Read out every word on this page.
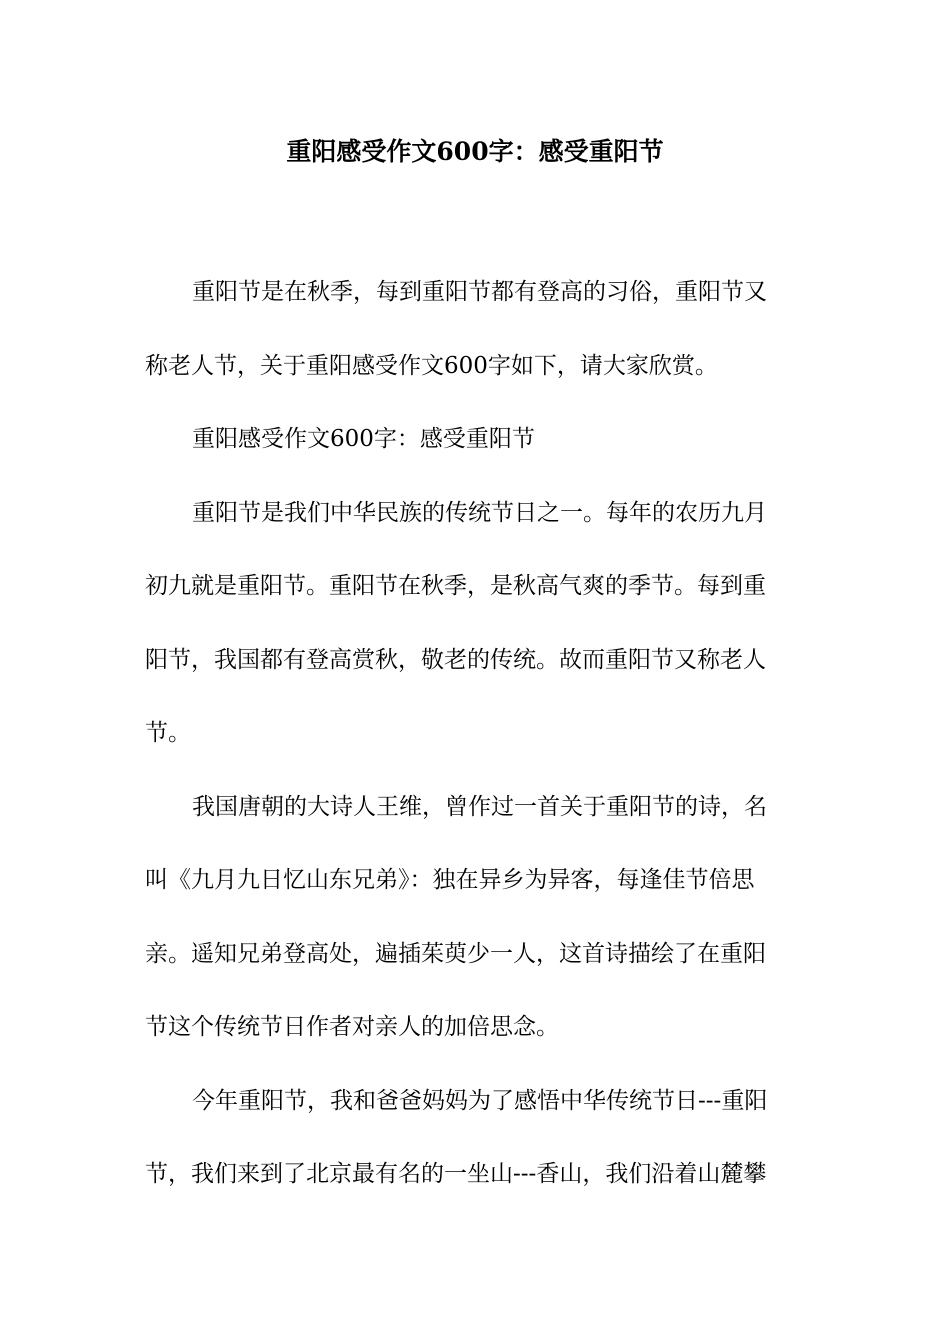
重阳感受作文600字：感受重阳节

重阳节是在秋季，每到重阳节都有登高的习俗，重阳节又
称老人节，关于重阳感受作文600字如下，请大家欣赏。

重阳感受作文600字：感受重阳节

重阳节是我们中华民族的传统节日之一。每年的农历九月
初九就是重阳节。重阳节在秋季，是秋高气爽的季节。每到重
阳节，我国都有登高赏秋，敬老的传统。故而重阳节又称老人
节。

我国唐朝的大诗人王维，曾作过一首关于重阳节的诗，名
叫《九月九日忆山东兄弟》：独在异乡为异客，每逢佳节倍思
亲。遥知兄弟登高处，遍插茱萸少一人，这首诗描绘了在重阳
节这个传统节日作者对亲人的加倍思念。

今年重阳节，我和爸爸妈妈为了感悟中华传统节日---重阳
节，我们来到了北京最有名的一坐山---香山，我们沿着山麓攀
